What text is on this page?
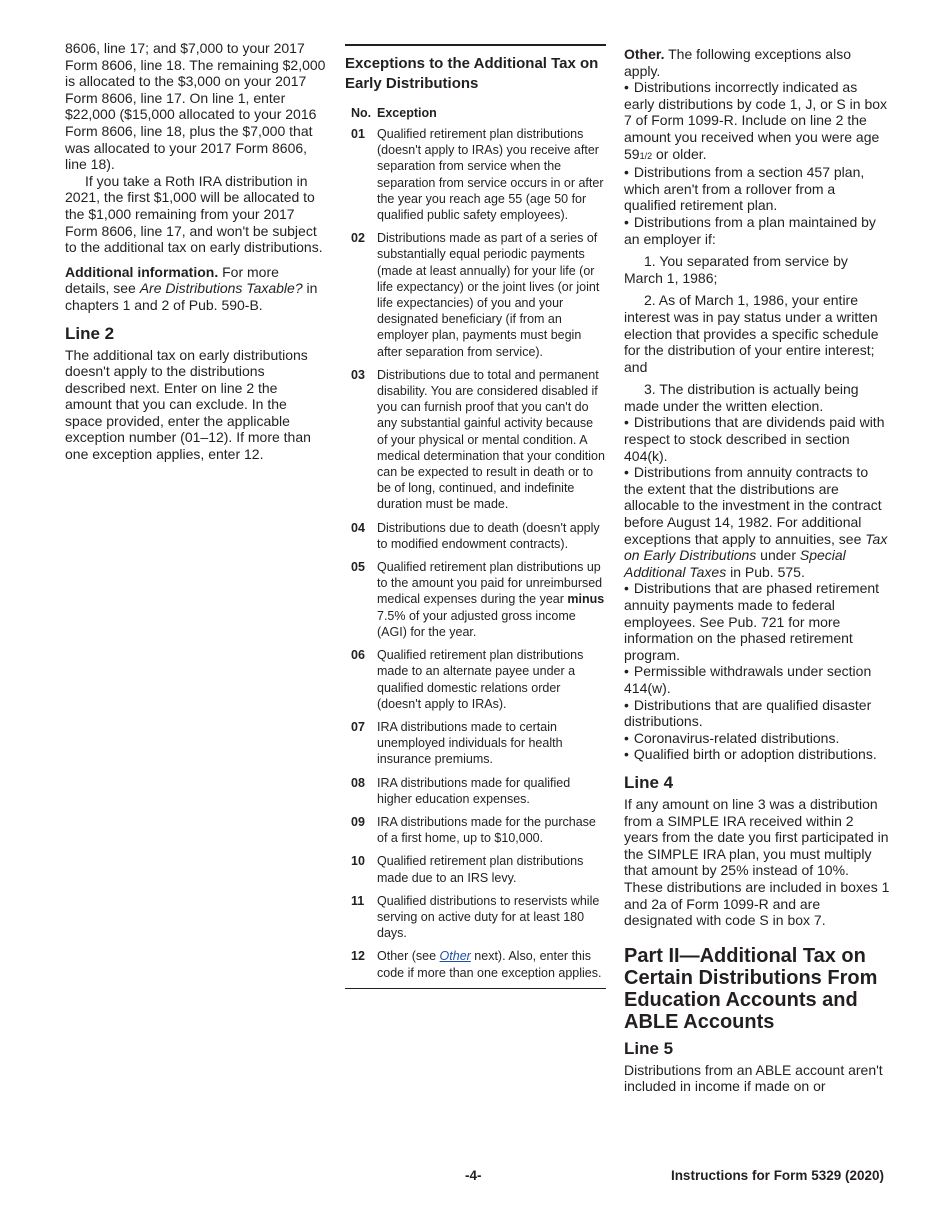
8606, line 17; and $7,000 to your 2017 Form 8606, line 18. The remaining $2,000 is allocated to the $3,000 on your 2017 Form 8606, line 17. On line 1, enter $22,000 ($15,000 allocated to your 2016 Form 8606, line 18, plus the $7,000 that was allocated to your 2017 Form 8606, line 18).

If you take a Roth IRA distribution in 2021, the first $1,000 will be allocated to the $1,000 remaining from your 2017 Form 8606, line 17, and won't be subject to the additional tax on early distributions.

Additional information. For more details, see Are Distributions Taxable? in chapters 1 and 2 of Pub. 590-B.

Line 2

The additional tax on early distributions doesn't apply to the distributions described next. Enter on line 2 the amount that you can exclude. In the space provided, enter the applicable exception number (01–12). If more than one exception applies, enter 12.

Exceptions to the Additional Tax on Early Distributions
No. Exception
01 Qualified retirement plan distributions (doesn't apply to IRAs) you receive after separation from service when the separation from service occurs in or after the year you reach age 55 (age 50 for qualified public safety employees).
02 Distributions made as part of a series of substantially equal periodic payments (made at least annually) for your life (or life expectancy) or the joint lives (or joint life expectancies) of you and your designated beneficiary (if from an employer plan, payments must begin after separation from service).
03 Distributions due to total and permanent disability. You are considered disabled if you can furnish proof that you can't do any substantial gainful activity because of your physical or mental condition. A medical determination that your condition can be expected to result in death or to be of long, continued, and indefinite duration must be made.
04 Distributions due to death (doesn't apply to modified endowment contracts).
05 Qualified retirement plan distributions up to the amount you paid for unreimbursed medical expenses during the year minus 7.5% of your adjusted gross income (AGI) for the year.
06 Qualified retirement plan distributions made to an alternate payee under a qualified domestic relations order (doesn't apply to IRAs).
07 IRA distributions made to certain unemployed individuals for health insurance premiums.
08 IRA distributions made for qualified higher education expenses.
09 IRA distributions made for the purchase of a first home, up to $10,000.
10 Qualified retirement plan distributions made due to an IRS levy.
11	Qualified distributions to reservists while serving on active duty for at least 180 days.
12 Other (see Other next). Also, enter this code if more than one exception applies.

Other. The following exceptions also apply.

• Distributions incorrectly indicated as early distributions by code 1, J, or S in box 7 of Form 1099-R. Include on line 2 the amount you received when you were age 591/2 or older.

• Distributions from a section 457 plan, which aren't from a rollover from a qualified retirement plan.

• Distributions from a plan maintained by an employer if:

1. You separated from service by March 1, 1986;

2. As of March 1, 1986, your entire interest was in pay status under a written election that provides a specific schedule for the distribution of your entire interest; and

3. The distribution is actually being made under the written election.

• Distributions that are dividends paid with respect to stock described in section 404(k).

• Distributions from annuity contracts to the extent that the distributions are allocable to the investment in the contract before August 14, 1982. For additional exceptions that apply to annuities, see Tax on Early Distributions under Special Additional Taxes in Pub. 575.

• Distributions that are phased retirement annuity payments made to federal employees. See Pub. 721 for more information on the phased retirement program.

• Permissible withdrawals under section 414(w).

• Distributions that are qualified disaster distributions.

• Coronavirus-related distributions.

• Qualified birth or adoption distributions.

Line 4

If any amount on line 3 was a distribution from a SIMPLE IRA received within 2 years from the date you first participated in the SIMPLE IRA plan, you must multiply that amount by 25% instead of 10%. These distributions are included in boxes 1 and 2a of Form 1099-R and are designated with code S in box 7.

Part II—Additional Tax on Certain Distributions From Education Accounts and ABLE Accounts
Line 5

Distributions from an ABLE account aren't included in income if made on or

-4-	Instructions for Form 5329 (2020)
